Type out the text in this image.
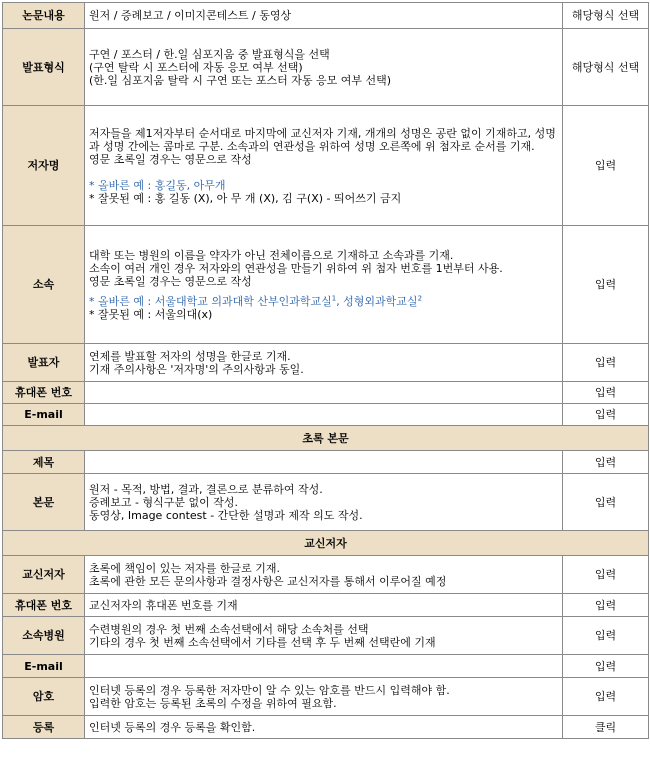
논문내용	원저 / 증례보고 / 이미지콘테스트 / 동영상	해당형식 선택
발표형식	구연 / 포스터 / 한.일 심포지움 중 발표형식을 선택
(구연 탈락 시 포스터에 자동 응모 여부 선택)
(한.일 심포지움 탈락 시 구연 또는 포스터 자동 응모 여부 선택)	해당형식 선택
저자명	저자들을 제1저자부터 순서대로 마지막에 교신저자 기재, 개개의 성명은 공란 없이 기재하고, 성명과 성명 간에는 콤마로 구분. 소속과의 연관성을 위하여 성명 오른쪽에 위 첨자로 순서를 기재.
영문 초록일 경우는 영문으로 작성
* 올바른 예 : 홍길동, 아무개
* 잘못된 예 : 홍 길동 (X), 아 무 개 (X), 김 구(X) - 띄어쓰기 금지	입력
소속	대학 또는 병원의 이름을 약자가 아닌 전체이름으로 기재하고 소속과를 기재.
소속이 여러 개인 경우 저자와의 연관성을 만들기 위하여 위 첨자 번호를 1번부터 사용.
영문 초록일 경우는 영문으로 작성
* 올바른 예 : 서울대학교 의과대학 산부인과학교실$^1$, 성형외과학교실$^2$
* 잘못된 예 : 서울의대(x)	입력
발표자	연제를 발표할 저자의 성명을 한글로 기재.
기재 주의사항은 '저자명'의 주의사항과 동일.	입력
휴대폰 번호		입력
E-mail		입력
초록 본문		
제목		입력
본문	원저 - 목적, 방법, 결과, 결론으로 분류하여 작성.
증례보고 - 형식구분 없이 작성.
동영상, Image contest - 간단한 설명과 제작 의도 작성.	입력
교신저자		
교신저자	초록에 책임이 있는 저자를 한글로 기재.
초록에 관한 모든 문의사항과 결정사항은 교신저자를 통해서 이루어질 예정	입력
휴대폰 번호	교신저자의 휴대폰 번호를 기재	입력
소속병원	수련병원의 경우 첫 번째 소속선택에서 해당 소속처를 선택
기타의 경우 첫 번째 소속선택에서 기타를 선택 후 두 번째 선택란에 기재	입력
E-mail		입력
암호	인터넷 등록의 경우 등록한 저자만이 알 수 있는 암호를 반드시 입력해야 함.
입력한 암호는 등록된 초록의 수정을 위하여 필요함.	입력
등록	인터넷 등록의 경우 등록을 확인함.	클릭
